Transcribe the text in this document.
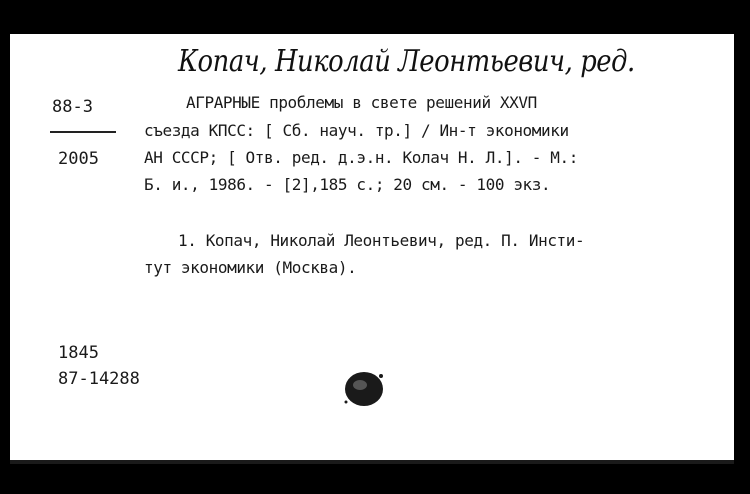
Копач, Николай Леонтьевич, ред.
88-3
2005
АГРАРНЫЕ проблемы в свете решений XXVП
съезда КПСС: [ Сб. науч. тр.] / Ин-т экономики
АН СССР; [ Отв. ред. д.э.н. Колач Н. Л.]. - М.:
Б. и., 1986. - [2],185 с.; 20 см. - 100 экз.
1. Копач, Николай Леонтьевич, ред. П. Инсти-
тут экономики (Москва).
1845
87-14288
